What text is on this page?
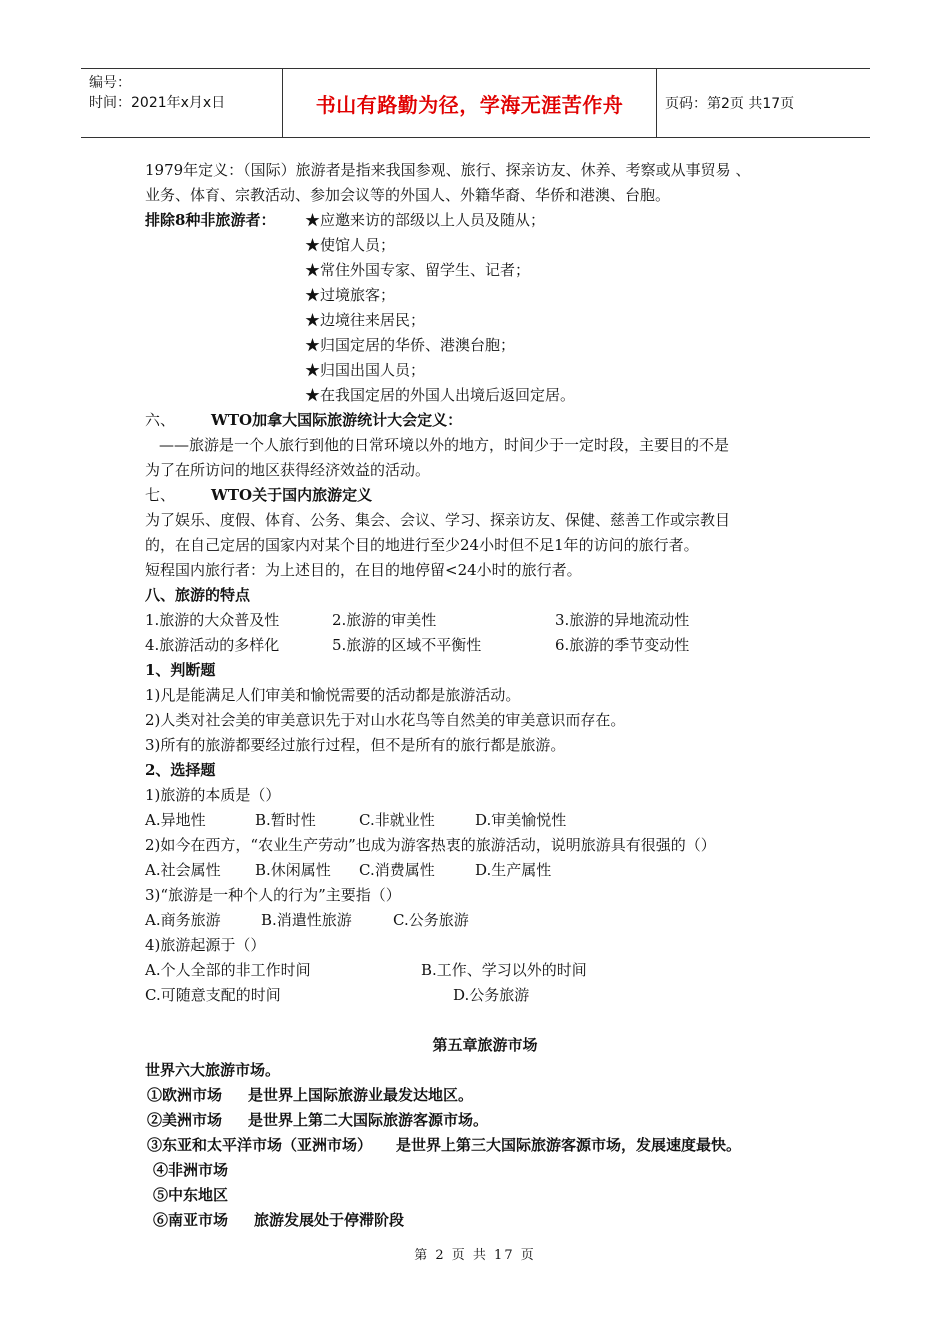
编号：
时间：2021年x月x日	书山有路勤为径，学海无涯苦作舟	页码：第2页 共17页
1979年定义：（国际）旅游者是指来我国参观、旅行、探亲访友、休养、考察或从事贸易 、
业务、体育、宗教活动、参加会议等的外国人、外籍华裔、华侨和港澳、台胞。
排除8种非旅游者： ★应邀来访的部级以上人员及随从；
★使馆人员；
★常住外国专家、留学生、记者；
★过境旅客；
★边境往来居民；
★归国定居的华侨、港澳台胞；
★归国出国人员；
★在我国定居的外国人出境后返回定居。
六、 WTO加拿大国际旅游统计大会定义：
——旅游是一个人旅行到他的日常环境以外的地方，时间少于一定时段，主要目的不是
为了在所访问的地区获得经济效益的活动。
七、 WTO关于国内旅游定义
为了娱乐、度假、体育、公务、集会、会议、学习、探亲访友、保健、慈善工作或宗教目
的，在自己定居的国家内对某个目的地进行至少24小时但不足1年的访问的旅行者。
短程国内旅行者：为上述目的，在目的地停留<24小时的旅行者。
八、旅游的特点
1.旅游的大众普及性	2.旅游的审美性	3.旅游的异地流动性
4.旅游活动的多样化	5.旅游的区域不平衡性	6.旅游的季节变动性
1、判断题
1)凡是能满足人们审美和愉悦需要的活动都是旅游活动。
2)人类对社会美的审美意识先于对山水花鸟等自然美的审美意识而存在。
3)所有的旅游都要经过旅行过程，但不是所有的旅行都是旅游。
2、选择题
1)旅游的本质是（）
A.异地性	B.暂时性	C.非就业性	D.审美愉悦性
2)如今在西方，“农业生产劳动”也成为游客热衷的旅游活动，说明旅游具有很强的（）
A.社会属性 B.休闲属性 C.消费属性	D.生产属性
3)“旅游是一种个人的行为”主要指（）
A.商务旅游	B.消遣性旅游	C.公务旅游
4)旅游起源于（）
A.个人全部的非工作时间	B.工作、学习以外的时间
C.可随意支配的时间	D.公务旅游
第五章旅游市场
世界六大旅游市场。
①欧洲市场 是世界上国际旅游业最发达地区。
②美洲市场 是世界上第二大国际旅游客源市场。
③东亚和太平洋市场（亚洲市场） 是世界上第三大国际旅游客源市场，发展速度最快。
④非洲市场
⑤中东地区
⑥南亚市场 旅游发展处于停滞阶段
第 2 页 共 17 页
